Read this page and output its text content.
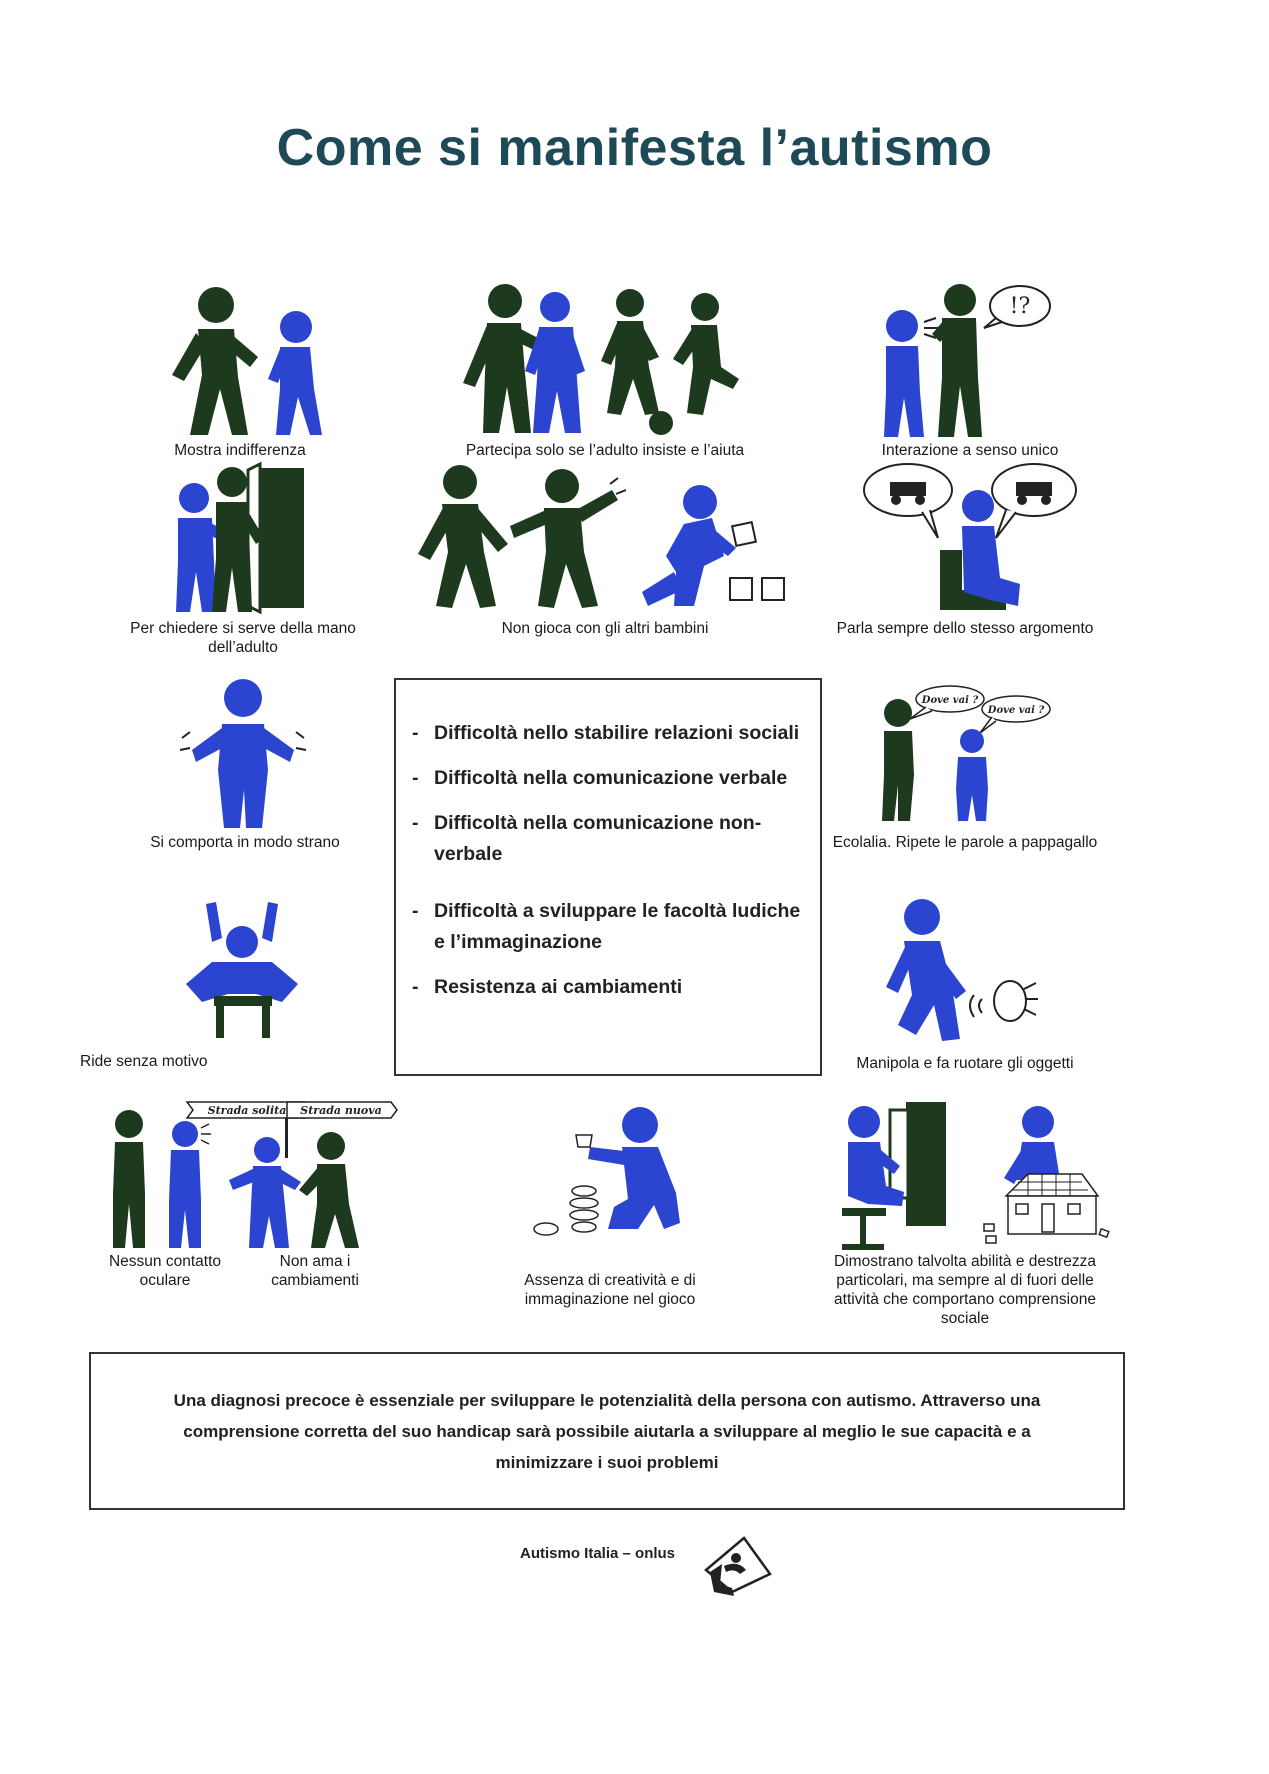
Come si manifesta l’autismo
Mostra indifferenza	Partecipa solo se l’adulto insiste e l’aiuta
!?
Interazione a senso unico
Per chiedere si serve della mano dell’adulto
Non gioca con gli altri bambini	Parla sempre dello stesso argomento
Si comporta in modo strano
Dove vai ?
Dove vai ?
Ecolalia. Ripete le parole a pappagallo
Ride senza motivo	Manipola e fa ruotare gli oggetti
- Difficoltà nello stabilire relazioni sociali
- Difficoltà nella comunicazione verbale
- Difficoltà nella comunicazione non-verbale
- Difficoltà a sviluppare le facoltà ludiche e l’immaginazione
- Resistenza ai cambiamenti
Strada solita Strada nuova
Nessun contatto oculare
Non ama i cambiamenti	Assenza di creatività e di immaginazione nel gioco
Dimostrano talvolta abilità e destrezza particolari, ma sempre al di fuori delle attività che comportano comprensione sociale

Una diagnosi precoce è essenziale per sviluppare le potenzialità della persona con autismo. Attraverso una comprensione corretta del suo handicap sarà possibile aiutarla a sviluppare al meglio le sue capacità e a minimizzare i suoi problemi

Autismo Italia – onlus
